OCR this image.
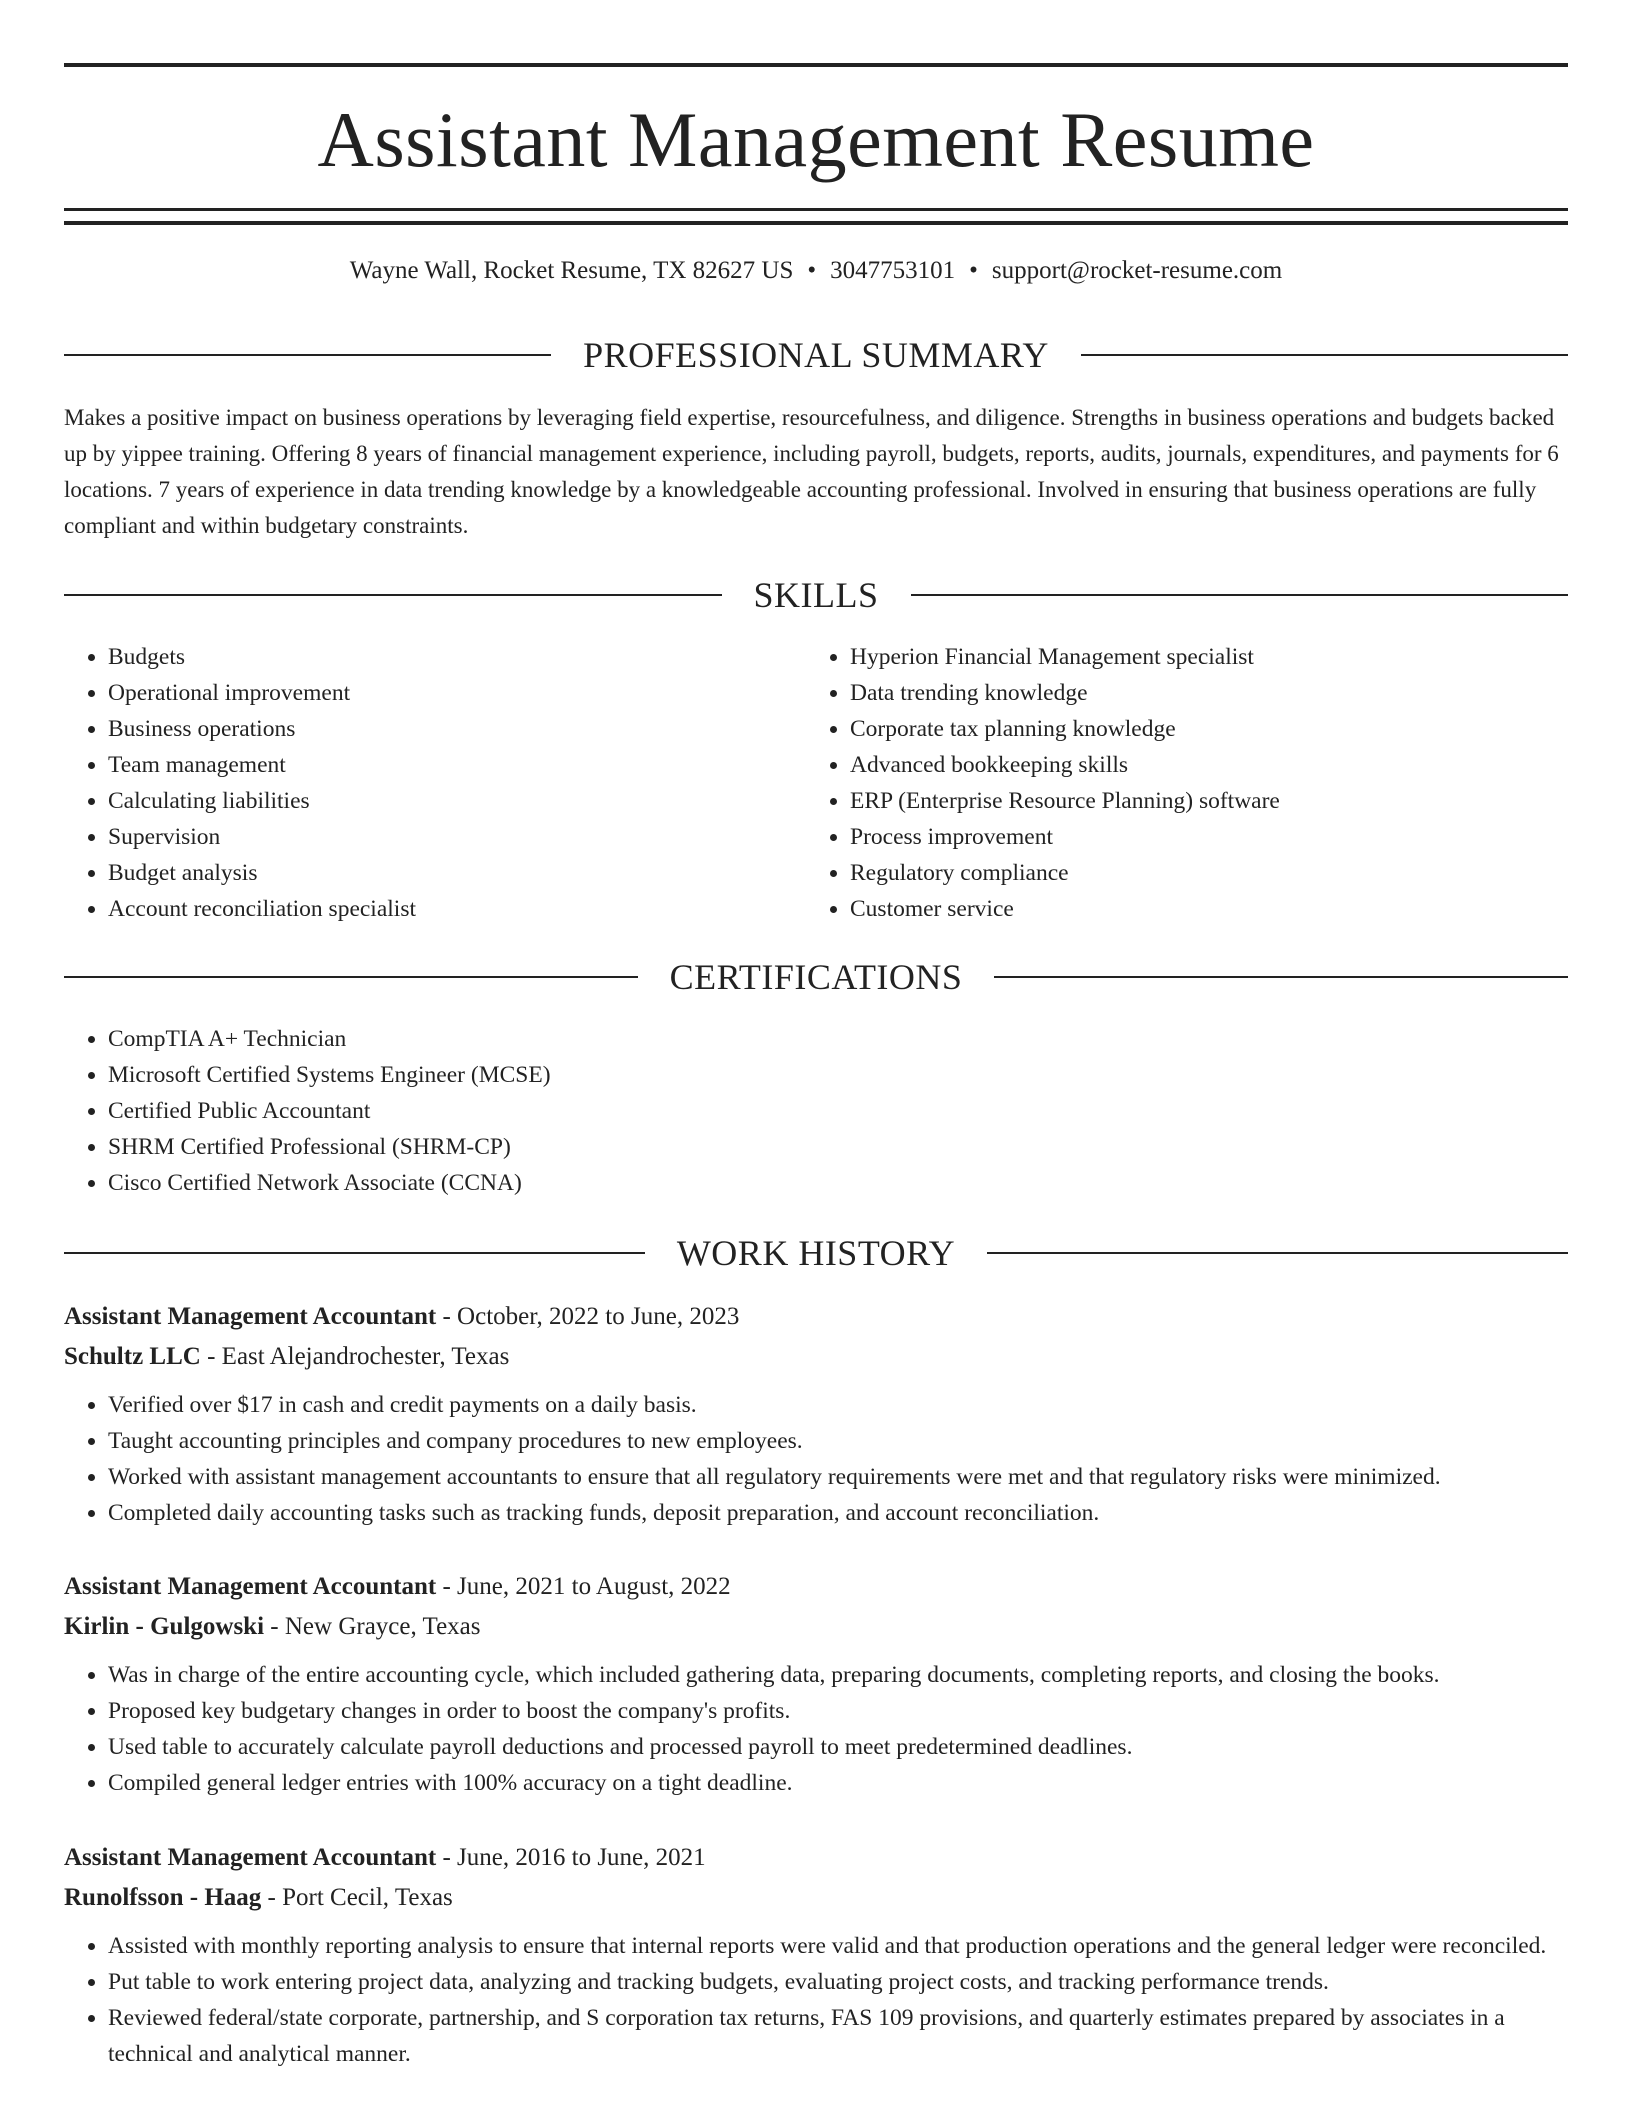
Assistant Management Resume
Wayne Wall, Rocket Resume, TX 82627 US • 3047753101 • support@rocket-resume.com
PROFESSIONAL SUMMARY

Makes a positive impact on business operations by leveraging field expertise, resourcefulness, and diligence. Strengths in business operations and budgets backed up by yippee training. Offering 8 years of financial management experience, including payroll, budgets, reports, audits, journals, expenditures, and payments for 6 locations. 7 years of experience in data trending knowledge by a knowledgeable accounting professional. Involved in ensuring that business operations are fully compliant and within budgetary constraints.

SKILLS
• Budgets
• Operational improvement
• Business operations
• Team management
• Calculating liabilities
• Supervision
• Budget analysis
• Account reconciliation specialist
• Hyperion Financial Management specialist
• Data trending knowledge
• Corporate tax planning knowledge
• Advanced bookkeeping skills
• ERP (Enterprise Resource Planning) software
• Process improvement
• Regulatory compliance
• Customer service
CERTIFICATIONS
• CompTIA A+ Technician
• Microsoft Certified Systems Engineer (MCSE)
• Certified Public Accountant
• SHRM Certified Professional (SHRM-CP)
• Cisco Certified Network Associate (CCNA)
WORK HISTORY
Assistant Management Accountant - October, 2022 to June, 2023
Schultz LLC - East Alejandrochester, Texas
• Verified over $17 in cash and credit payments on a daily basis.
• Taught accounting principles and company procedures to new employees.
• Worked with assistant management accountants to ensure that all regulatory requirements were met and that regulatory risks were minimized.
• Completed daily accounting tasks such as tracking funds, deposit preparation, and account reconciliation.
Assistant Management Accountant - June, 2021 to August, 2022
Kirlin - Gulgowski - New Grayce, Texas
• Was in charge of the entire accounting cycle, which included gathering data, preparing documents, completing reports, and closing the books.
• Proposed key budgetary changes in order to boost the company's profits.
• Used table to accurately calculate payroll deductions and processed payroll to meet predetermined deadlines.
• Compiled general ledger entries with 100% accuracy on a tight deadline.
Assistant Management Accountant - June, 2016 to June, 2021
Runolfsson - Haag - Port Cecil, Texas
• Assisted with monthly reporting analysis to ensure that internal reports were valid and that production operations and the general ledger were reconciled.
• Put table to work entering project data, analyzing and tracking budgets, evaluating project costs, and tracking performance trends.
• Reviewed federal/state corporate, partnership, and S corporation tax returns, FAS 109 provisions, and quarterly estimates prepared by associates in a technical and analytical manner.
